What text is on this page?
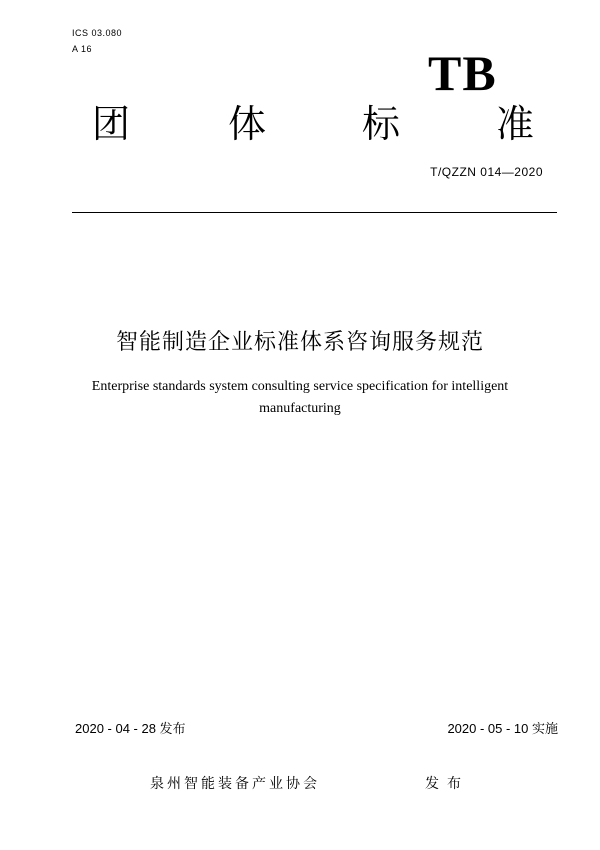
ICS 03.080
A 16	TB
团	体	标	准
T/QZZN 014—2020
智能制造企业标准体系咨询服务规范
Enterprise standards system consulting service specification for intelligent manufacturing
2020 - 04 - 28 发布	2020 - 05 - 10 实施
泉州智能装备产业协会	发布
